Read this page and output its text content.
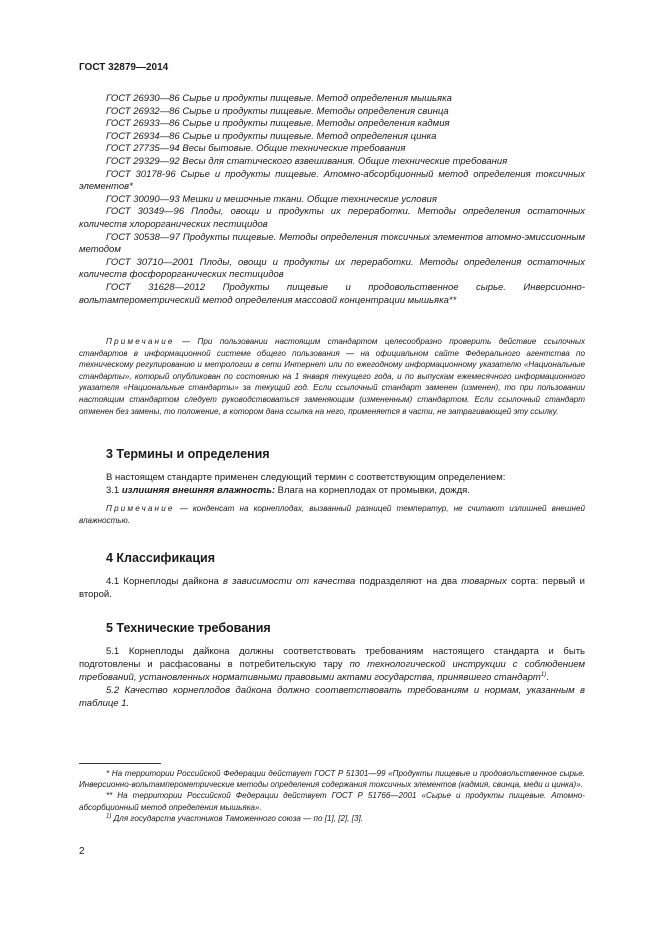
ГОСТ 32879—2014

ГОСТ 26930—86 Сырье и продукты пищевые. Метод определения мышьяка

ГОСТ 26932—86 Сырье и продукты пищевые. Методы определения свинца

ГОСТ 26933—86 Сырье и продукты пищевые. Методы определения кадмия

ГОСТ 26934—86 Сырье и продукты пищевые. Метод определения цинка

ГОСТ 27735—94 Весы бытовые. Общие технические требования

ГОСТ 29329—92 Весы для статического взвешивания. Общие технические требования

ГОСТ 30178-96 Сырье и продукты пищевые. Атомно-абсорбционный метод определения токсичных элементов*

ГОСТ 30090—93 Мешки и мешочные ткани. Общие технические условия

ГОСТ 30349—96 Плоды, овощи и продукты их переработки. Методы определения остаточных количеств хлорорганических пестицидов

ГОСТ 30538—97 Продукты пищевые. Методы определения токсичных элементов атомно-эмиссионным методом

ГОСТ 30710—2001 Плоды, овощи и продукты их переработки. Методы определения остаточных количеств фосфорорганических пестицидов

ГОСТ 31628—2012 Продукты пищевые и продовольственное сырье. Инверсионно-вольтамперометрический метод определения массовой концентрации мышьяка**

Примечание — При пользовании настоящим стандартом целесообразно проверить действие ссылочных стандартов в информационной системе общего пользования — на официальном сайте Федерального агентства по техническому регулированию и метрологии в сети Интернет или по ежегодному информационному указателю «Национальные стандарты», который опубликован по состоянию на 1 января текущего года, и по выпускам ежемесячного информационного указателя «Национальные стандарты» за текущий год. Если ссылочный стандарт заменен (изменен), то при пользовании настоящим стандартом следует руководствоваться заменяющим (измененным) стандартом. Если ссылочный стандарт отменен без замены, то положение, в котором дана ссылка на него, применяется в части, не затрагивающей эту ссылку.

3 Термины и определения

В настоящем стандарте применен следующий термин с соответствующим определением:

3.1 излишняя внешняя влажность: Влага на корнеплодах от промывки, дождя.

Примечание — конденсат на корнеплодах, вызванный разницей температур, не считают излишней внешней влажностью.

4 Классификация

4.1 Корнеплоды дайкона в зависимости от качества подразделяют на два товарных сорта: первый и второй.

5 Технические требования

5.1 Корнеплоды дайкона должны соответствовать требованиям настоящего стандарта и быть подготовлены и расфасованы в потребительскую тару по технологической инструкции с соблюдением требований, установленных нормативными правовыми актами государства, принявшего стандарт$^{1)}$.

5.2 Качество корнеплодов дайкона должно соответствовать требованиям и нормам, указанным в таблице 1.

* На территории Российской Федерации действует ГОСТ Р 51301—99 «Продукты пищевые и продовольственное сырье. Инверсионно-вольтамперометрические методы определения содержания токсичных элементов (кадмия, свинца, меди и цинка)».

** На территории Российской Федерации действует ГОСТ Р 51766—2001 «Сырье и продукты пищевые. Атомно-абсорбционный метод определения мышьяка».

$^{1)}$ Для государств участников Таможенного союза — по [1], [2], [3].

2
